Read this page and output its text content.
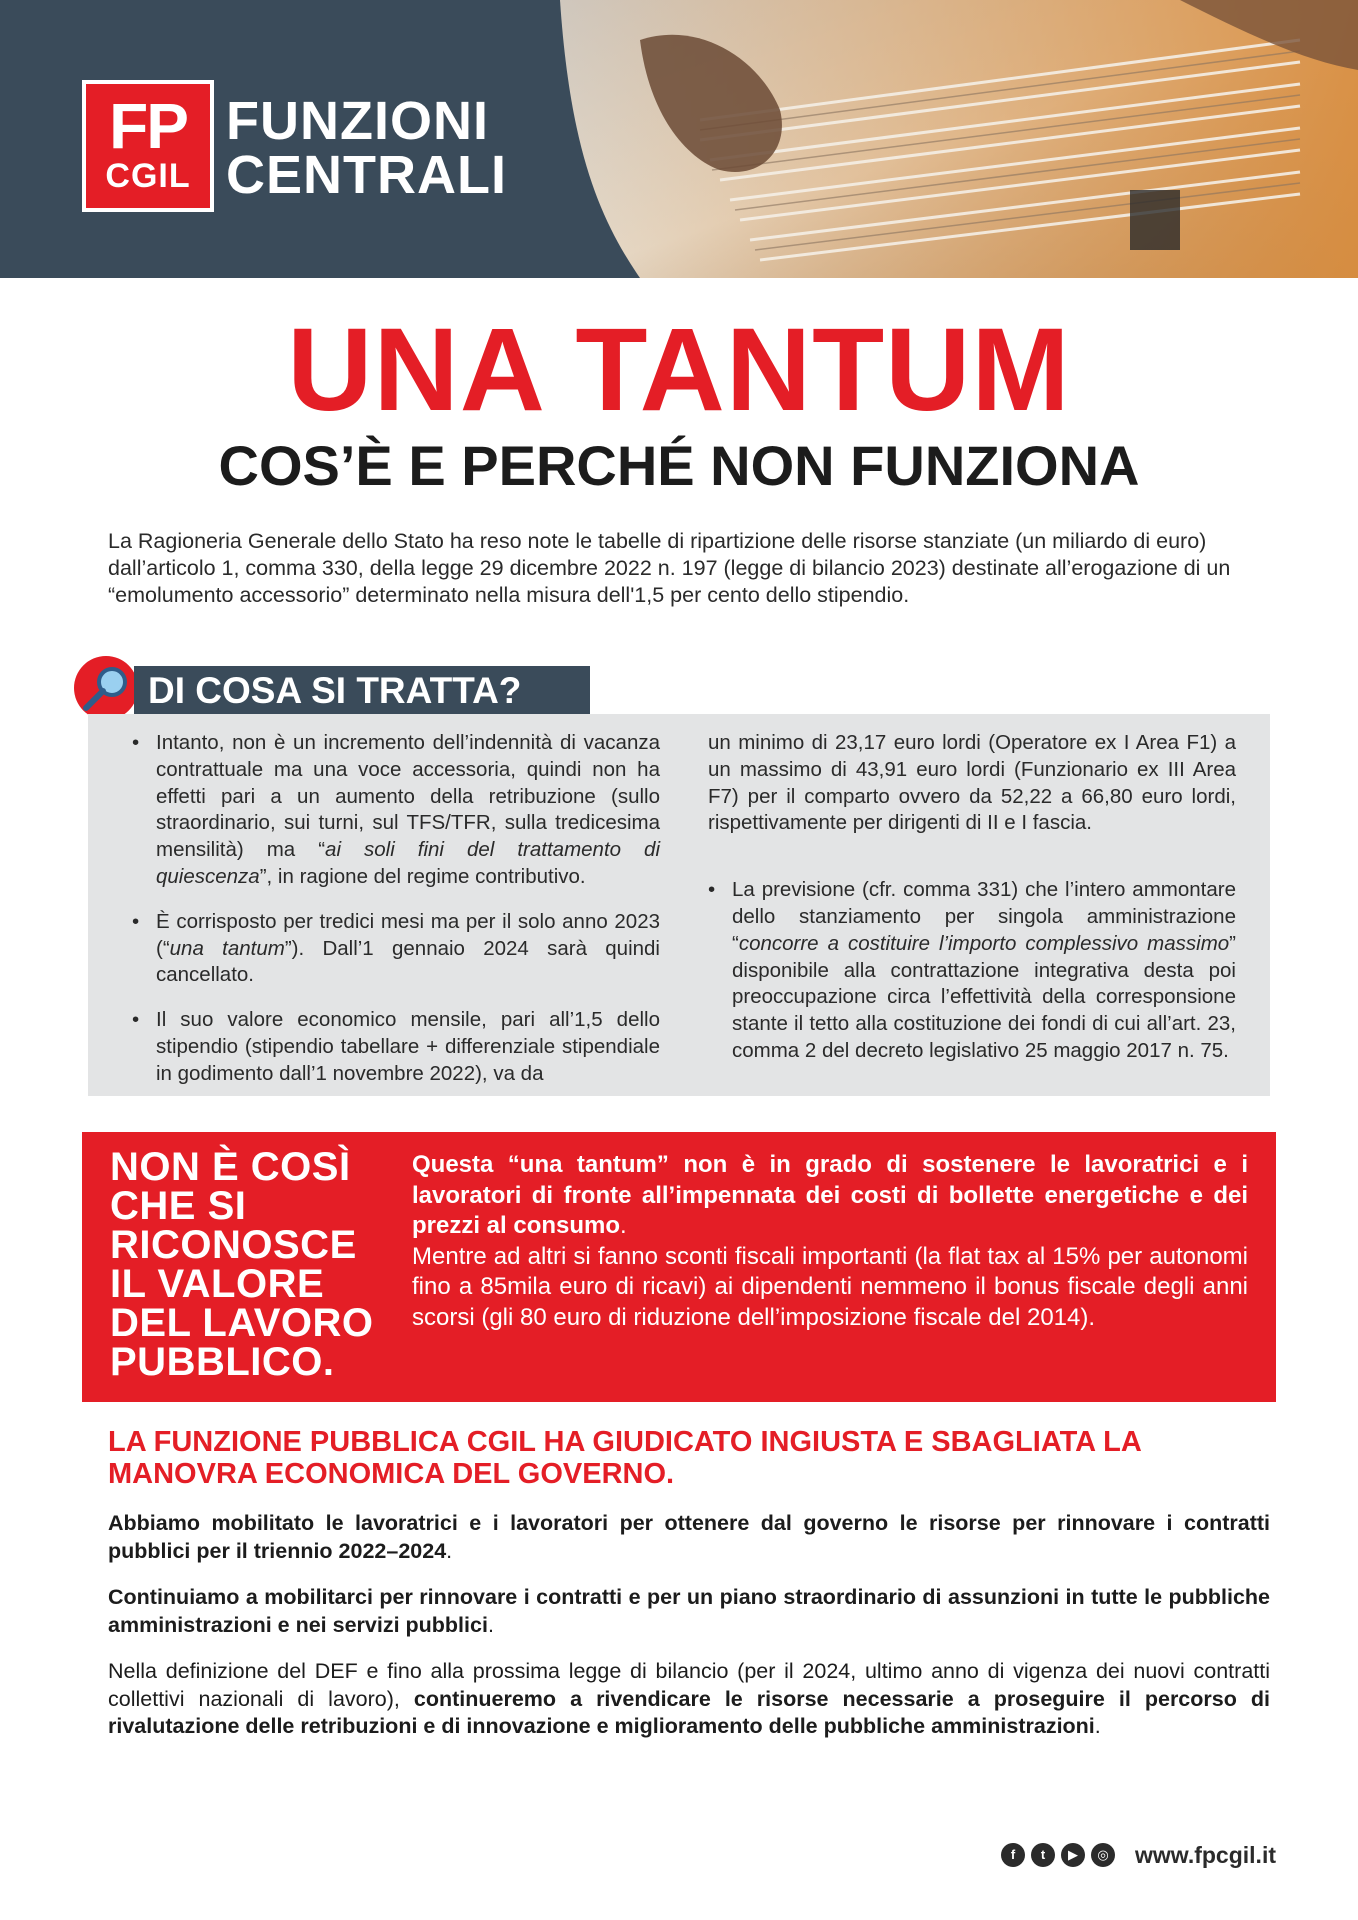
FP
CGIL
FUNZIONI
CENTRALI
UNA TANTUM
COS’È E PERCHÉ NON FUNZIONA
La Ragioneria Generale dello Stato ha reso note le tabelle di ripartizione delle risorse stanziate (un miliardo di euro) dall’articolo 1, comma 330, della legge 29 dicembre 2022 n. 197 (legge di bilancio 2023) destinate all’erogazione di un “emolumento accessorio” determinato nella misura dell'1,5 per cento dello stipendio.
DI COSA SI TRATTA?
• Intanto, non è un incremento dell’indennità di vacanza contrattuale ma una voce accessoria, quindi non ha effetti pari a un aumento della retribuzione (sullo straordinario, sui turni, sul TFS/TFR, sulla tredicesima mensilità) ma “ai soli fini del trattamento di quiescenza”, in ragione del regime contributivo.
• È corrisposto per tredici mesi ma per il solo anno 2023 (“una tantum”). Dall’1 gennaio 2024 sarà quindi cancellato.
• Il suo valore economico mensile, pari all’1,5 dello stipendio (stipendio tabellare + differenziale stipendiale in godimento dall’1 novembre 2022), va da
un minimo di 23,17 euro lordi (Operatore ex I Area F1) a un massimo di 43,91 euro lordi (Funzionario ex III Area F7) per il comparto ovvero da 52,22 a 66,80 euro lordi, rispettivamente per dirigenti di II e I fascia.
• La previsione (cfr. comma 331) che l’intero ammontare dello stanziamento per singola amministrazione “concorre a costituire l’importo complessivo massimo” disponibile alla contrattazione integrativa desta poi preoccupazione circa l’effettività della corresponsione stante il tetto alla costituzione dei fondi di cui all’art. 23, comma 2 del decreto legislativo 25 maggio 2017 n. 75.
NON È COSÌ CHE SI RICONOSCE IL VALORE DEL LAVORO PUBBLICO.
Questa “una tantum” non è in grado di sostenere le lavoratrici e i lavoratori di fronte all’impennata dei costi di bollette energetiche e dei prezzi al consumo.
Mentre ad altri si fanno sconti fiscali importanti (la flat tax al 15% per autonomi fino a 85mila euro di ricavi) ai dipendenti nemmeno il bonus fiscale degli anni scorsi (gli 80 euro di riduzione dell’imposizione fiscale del 2014).
LA FUNZIONE PUBBLICA CGIL HA GIUDICATO INGIUSTA E SBAGLIATA LA MANOVRA ECONOMICA DEL GOVERNO.
Abbiamo mobilitato le lavoratrici e i lavoratori per ottenere dal governo le risorse per rinnovare i contratti pubblici per il triennio 2022–2024.
Continuiamo a mobilitarci per rinnovare i contratti e per un piano straordinario di assunzioni in tutte le pubbliche amministrazioni e nei servizi pubblici.
Nella definizione del DEF e fino alla prossima legge di bilancio (per il 2024, ultimo anno di vigenza dei nuovi contratti collettivi nazionali di lavoro), continueremo a rivendicare le risorse necessarie a proseguire il percorso di rivalutazione delle retribuzioni e di innovazione e miglioramento delle pubbliche amministrazioni.
f	t	▶	◎ www.fpcgil.it
